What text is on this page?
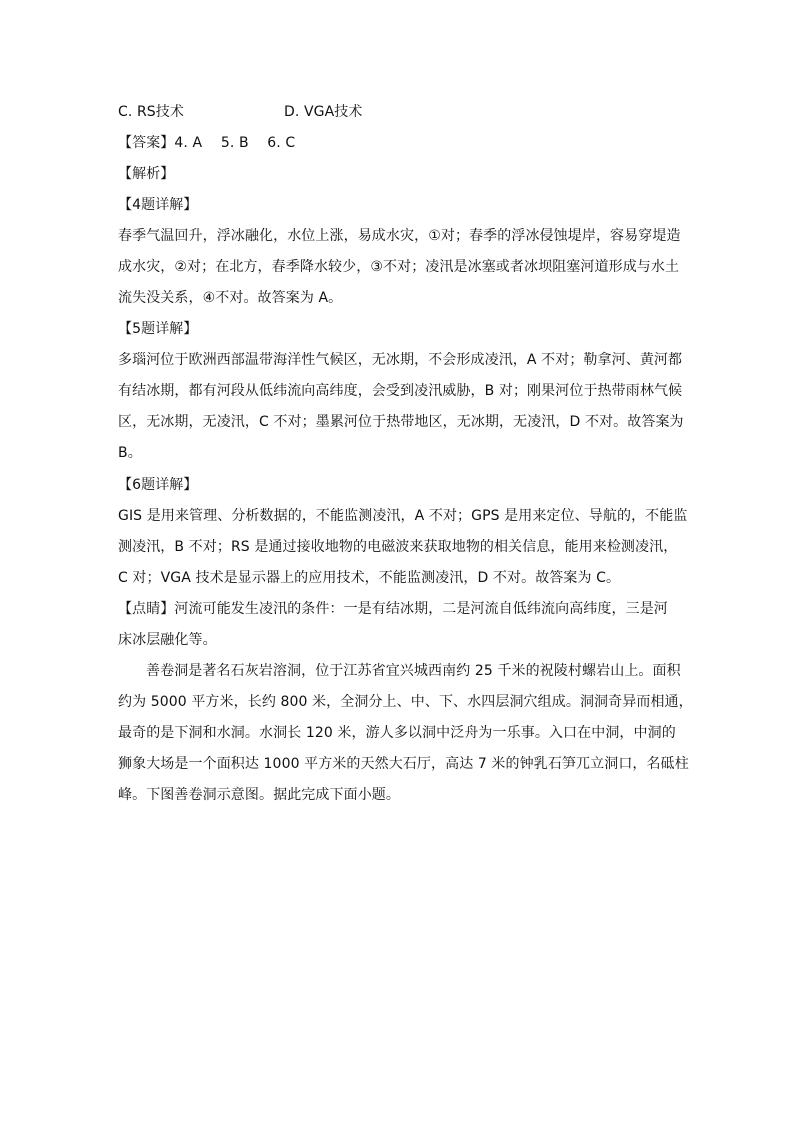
C. RS技术	D. VGA技术
【答案】4. A　 5. B　 6. C
【解析】
【4题详解】
春季气温回升，浮冰融化，水位上涨，易成水灾，①对；春季的浮冰侵蚀堤岸，容易穿堤造
成水灾，②对；在北方，春季降水较少，③不对；凌汛是冰塞或者冰坝阻塞河道形成与水土
流失没关系，④不对。故答案为 A。
【5题详解】
多瑙河位于欧洲西部温带海洋性气候区，无冰期，不会形成凌汛，A 不对；勒拿河、黄河都
有结冰期，都有河段从低纬流向高纬度，会受到凌汛威胁，B 对；刚果河位于热带雨林气候
区，无冰期，无凌汛，C 不对；墨累河位于热带地区，无冰期，无凌汛，D 不对。故答案为
B。
【6题详解】
GIS 是用来管理、分析数据的，不能监测凌汛，A 不对；GPS 是用来定位、导航的，不能监
测凌汛，B 不对；RS 是通过接收地物的电磁波来获取地物的相关信息，能用来检测凌汛，
C 对；VGA 技术是显示器上的应用技术，不能监测凌汛，D 不对。故答案为 C。
【点睛】河流可能发生凌汛的条件：一是有结冰期，二是河流自低纬流向高纬度，三是河
床冰层融化等。
善卷洞是著名石灰岩溶洞，位于江苏省宜兴城西南约 25 千米的祝陵村螺岩山上。面积
约为 5000 平方米，长约 800 米，全洞分上、中、下、水四层洞穴组成。洞洞奇异而相通，
最奇的是下洞和水洞。水洞长 120 米，游人多以洞中泛舟为一乐事。入口在中洞，中洞的
狮象大场是一个面积达 1000 平方米的天然大石厅，高达 7 米的钟乳石笋兀立洞口，名砥柱
峰。下图善卷洞示意图。据此完成下面小题。
